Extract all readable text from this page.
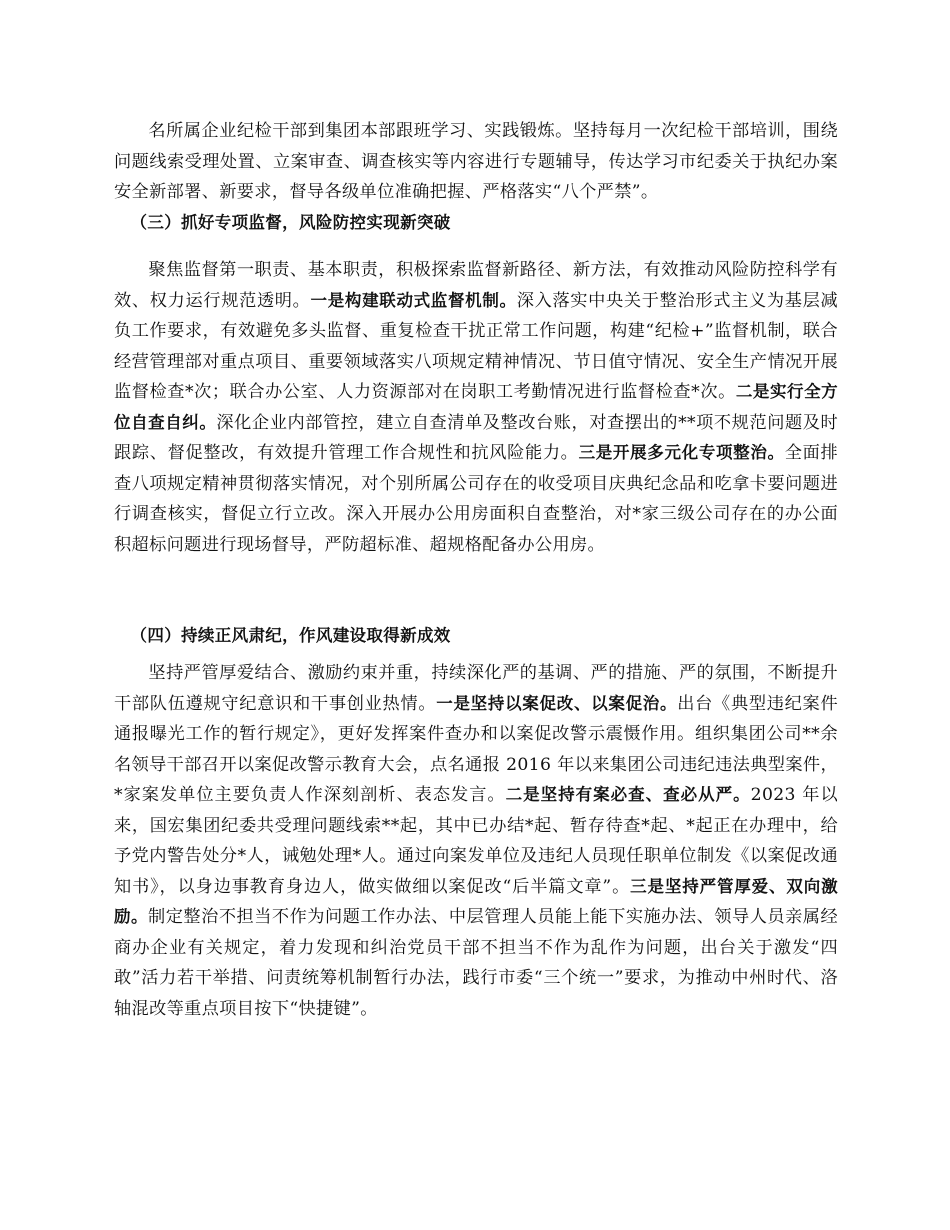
名所属企业纪检干部到集团本部跟班学习、实践锻炼。坚持每月一次纪检干部培训，围绕问题线索受理处置、立案审查、调查核实等内容进行专题辅导，传达学习市纪委关于执纪办案安全新部署、新要求，督导各级单位准确把握、严格落实“八个严禁”。

（三）抓好专项监督，风险防控实现新突破

聚焦监督第一职责、基本职责，积极探索监督新路径、新方法，有效推动风险防控科学有效、权力运行规范透明。一是构建联动式监督机制。深入落实中央关于整治形式主义为基层减负工作要求，有效避免多头监督、重复检查干扰正常工作问题，构建“纪检+”监督机制，联合经营管理部对重点项目、重要领域落实八项规定精神情况、节日值守情况、安全生产情况开展监督检查*次；联合办公室、人力资源部对在岗职工考勤情况进行监督检查*次。二是实行全方位自查自纠。深化企业内部管控，建立自查清单及整改台账，对查摆出的**项不规范问题及时跟踪、督促整改，有效提升管理工作合规性和抗风险能力。三是开展多元化专项整治。全面排查八项规定精神贯彻落实情况，对个别所属公司存在的收受项目庆典纪念品和吃拿卡要问题进行调查核实，督促立行立改。深入开展办公用房面积自查整治，对*家三级公司存在的办公面积超标问题进行现场督导，严防超标准、超规格配备办公用房。

（四）持续正风肃纪，作风建设取得新成效

坚持严管厚爱结合、激励约束并重，持续深化严的基调、严的措施、严的氛围，不断提升干部队伍遵规守纪意识和干事创业热情。一是坚持以案促改、以案促治。出台《典型违纪案件通报曝光工作的暂行规定》，更好发挥案件查办和以案促改警示震慑作用。组织集团公司**余名领导干部召开以案促改警示教育大会，点名通报 2016 年以来集团公司违纪违法典型案件，*家案发单位主要负责人作深刻剖析、表态发言。二是坚持有案必查、查必从严。2023 年以来，国宏集团纪委共受理问题线索**起，其中已办结*起、暂存待查*起、*起正在办理中，给予党内警告处分*人，诫勉处理*人。通过向案发单位及违纪人员现任职单位制发《以案促改通知书》，以身边事教育身边人，做实做细以案促改“后半篇文章”。三是坚持严管厚爱、双向激励。制定整治不担当不作为问题工作办法、中层管理人员能上能下实施办法、领导人员亲属经商办企业有关规定，着力发现和纠治党员干部不担当不作为乱作为问题，出台关于激发“四敢”活力若干举措、问责统筹机制暂行办法，践行市委“三个统一”要求，为推动中州时代、洛轴混改等重点项目按下“快捷键”。
